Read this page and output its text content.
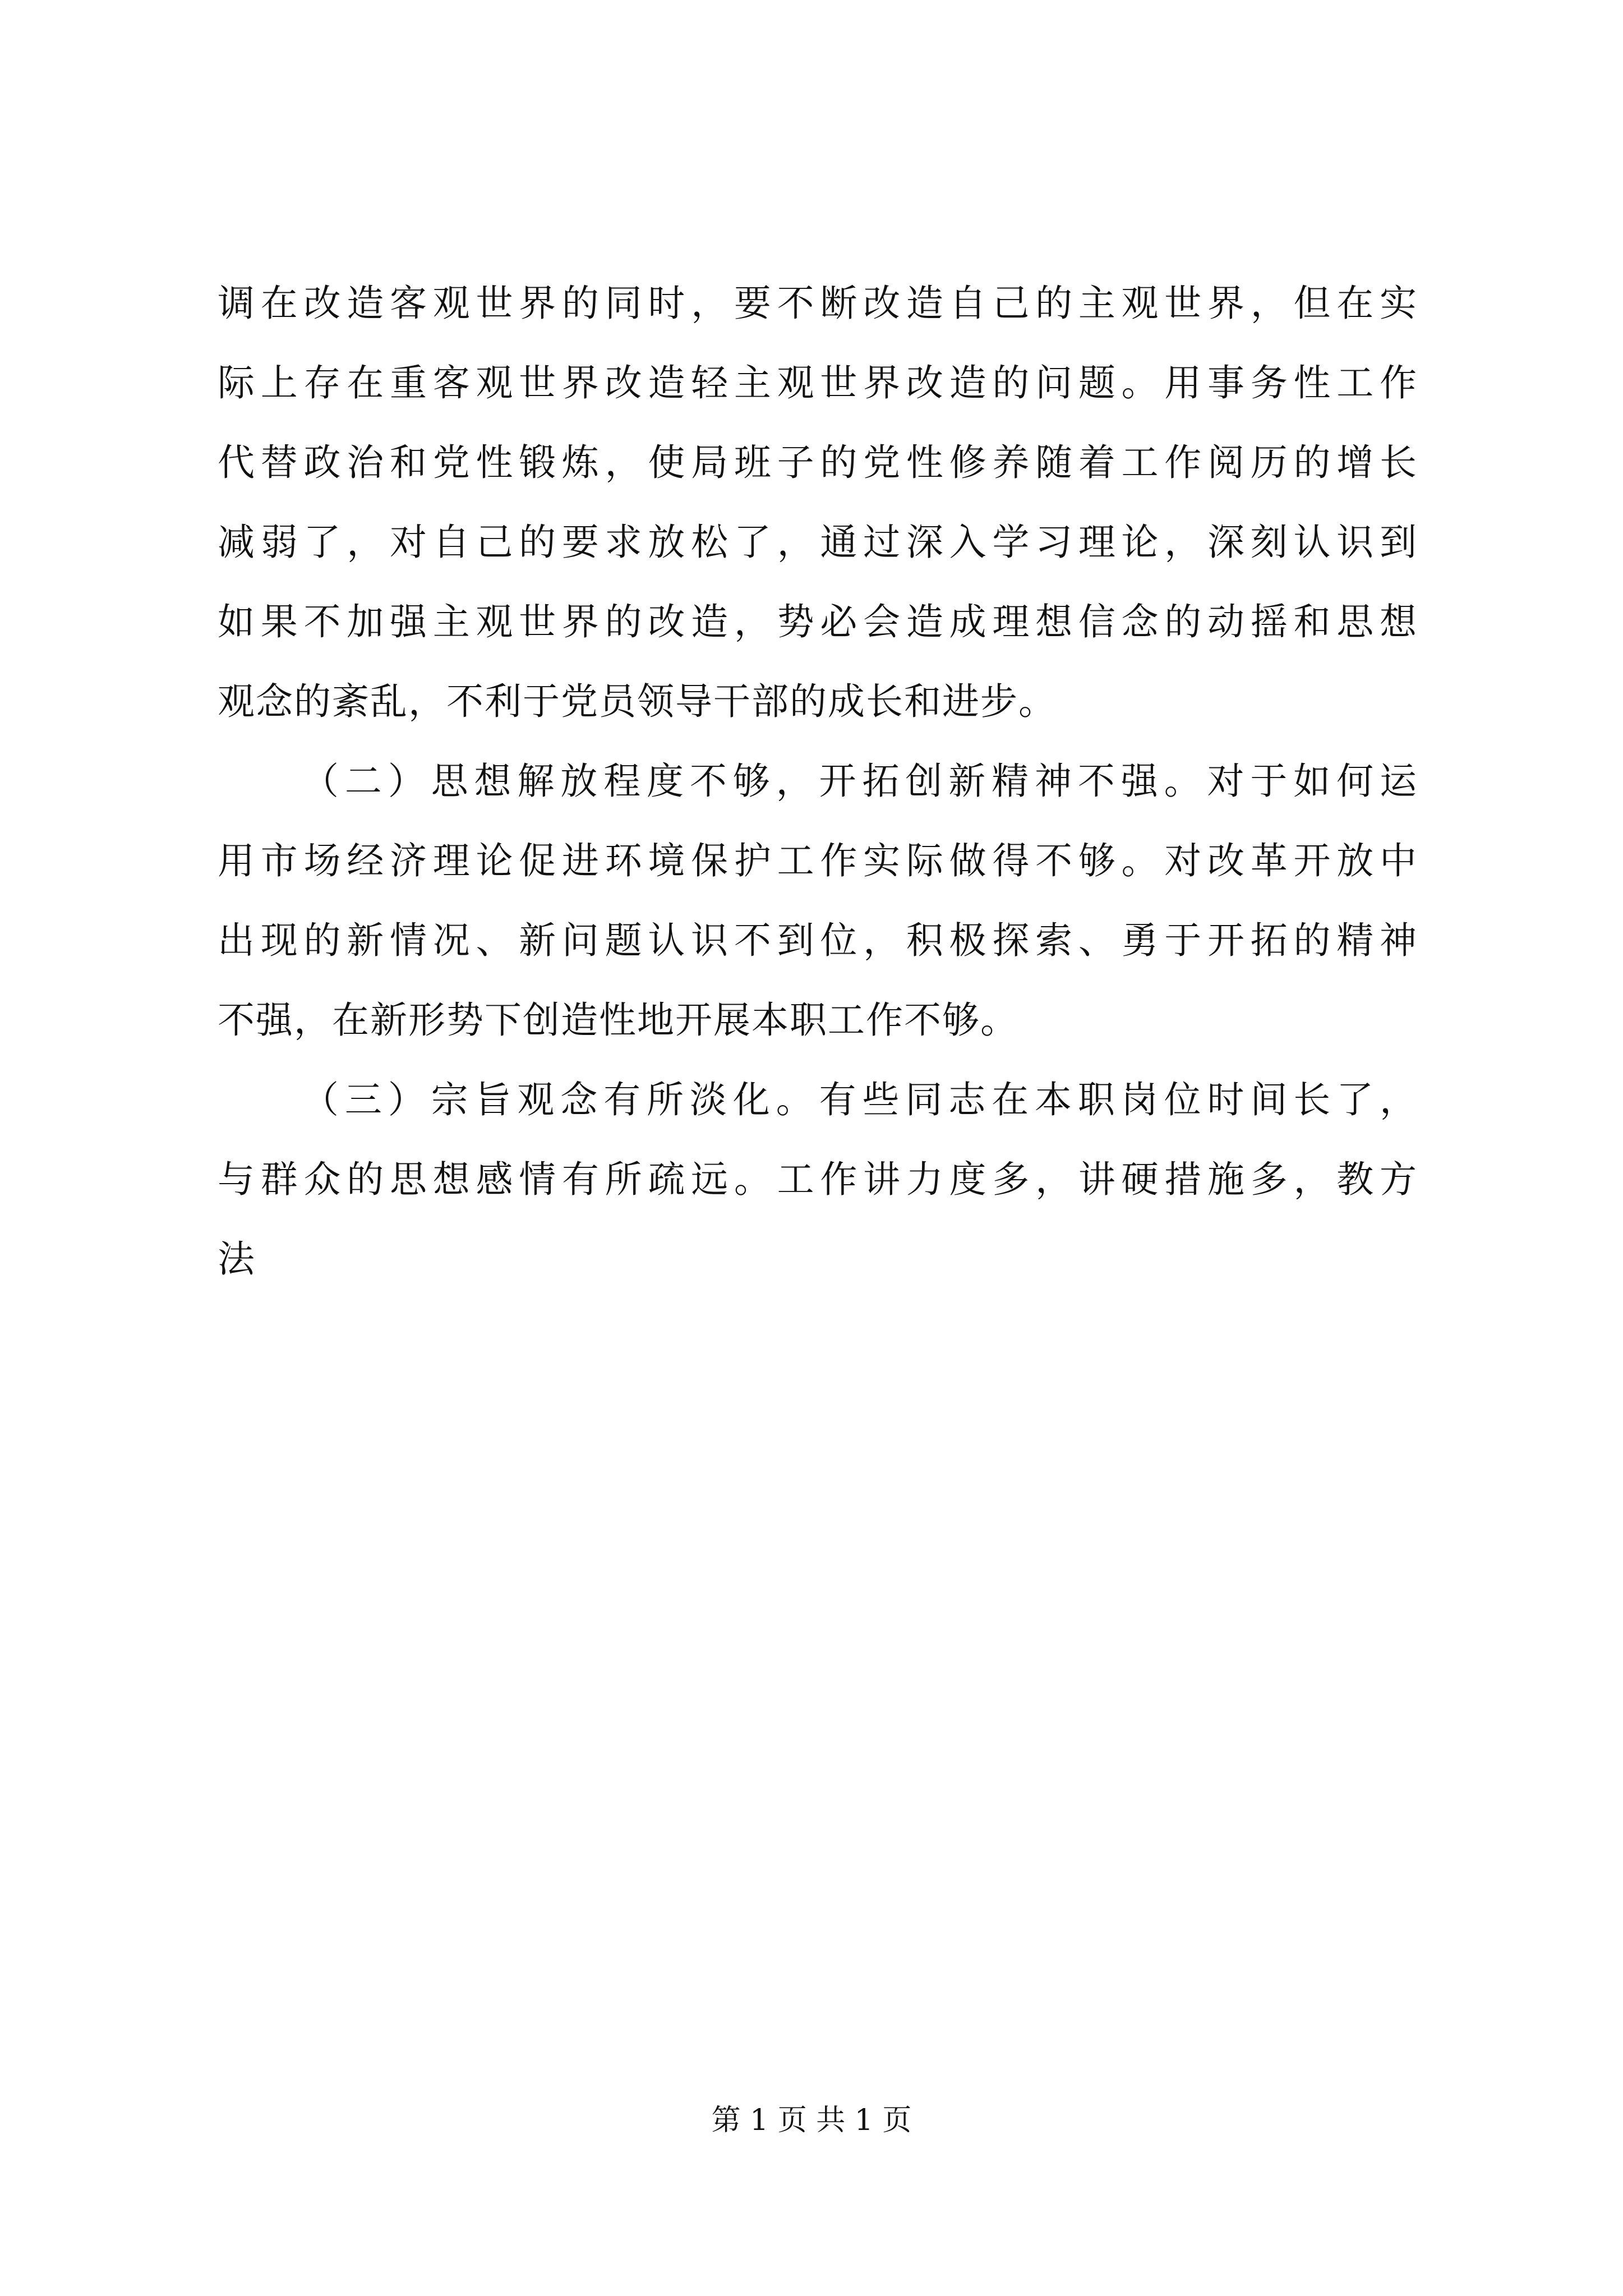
调在改造客观世界的同时，要不断改造自己的主观世界，但在实
际上存在重客观世界改造轻主观世界改造的问题。用事务性工作
代替政治和党性锻炼，使局班子的党性修养随着工作阅历的增长
减弱了，对自己的要求放松了，通过深入学习理论，深刻认识到
如果不加强主观世界的改造，势必会造成理想信念的动摇和思想
观念的紊乱，不利于党员领导干部的成长和进步。
（二）思想解放程度不够，开拓创新精神不强。对于如何运
用市场经济理论促进环境保护工作实际做得不够。对改革开放中
出现的新情况、新问题认识不到位，积极探索、勇于开拓的精神
不强，在新形势下创造性地开展本职工作不够。
（三）宗旨观念有所淡化。有些同志在本职岗位时间长了，
与群众的思想感情有所疏远。工作讲力度多，讲硬措施多，教方
法
第 1 页 共 1 页
